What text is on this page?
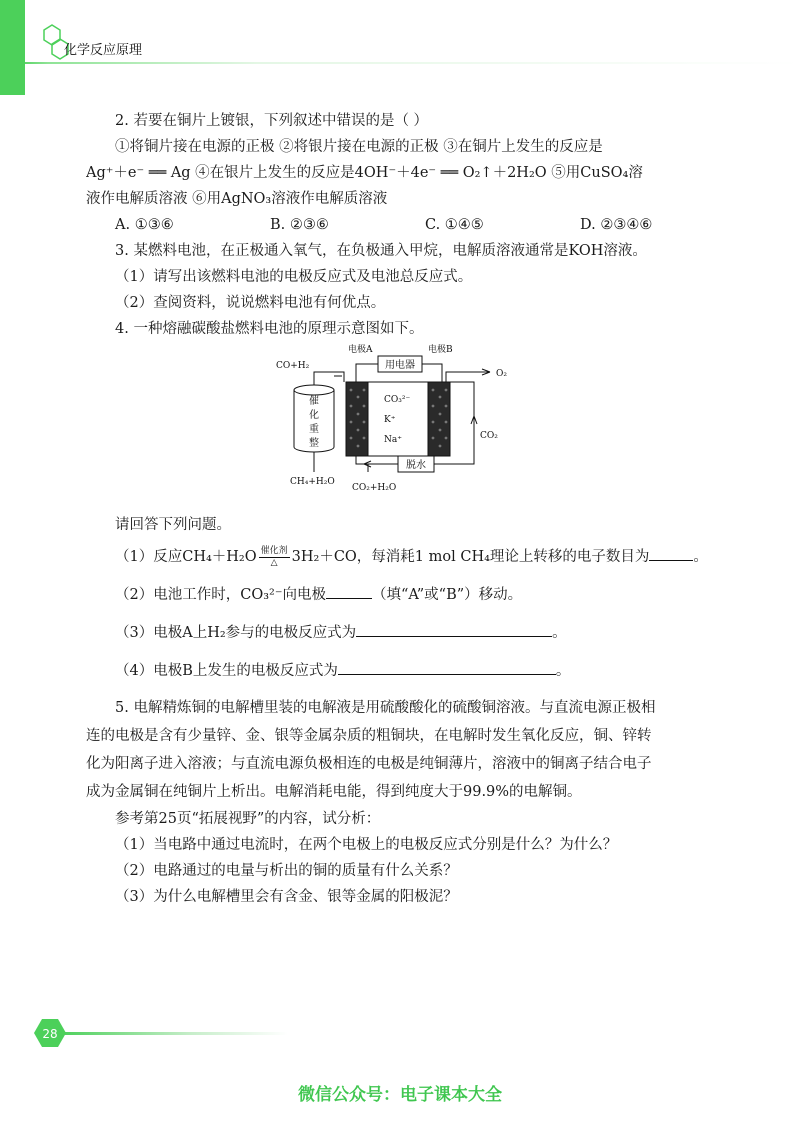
化学反应原理
2. 若要在铜片上镀银，下列叙述中错误的是（ ）
①将铜片接在电源的正极 ②将银片接在电源的正极 ③在铜片上发生的反应是
Ag⁺＋e⁻ ══ Ag ④在银片上发生的反应是4OH⁻＋4e⁻ ══ O₂↑＋2H₂O ⑤用CuSO₄溶
液作电解质溶液 ⑥用AgNO₃溶液作电解质溶液
A. ①③⑥	B. ②③⑥	C. ①④⑤	D. ②③④⑥
3. 某燃料电池，在正极通入氧气，在负极通入甲烷，电解质溶液通常是KOH溶液。
（1）请写出该燃料电池的电极反应式及电池总反应式。
（2）查阅资料，说说燃料电池有何优点。
4. 一种熔融碳酸盐燃料电池的原理示意图如下。
催
化
重
整
CO+H₂
CH₄+H₂O
CO₃²⁻
K⁺
Na⁺
用电器
电极A	电极B
O₂
CO₂
脱水
CO₂+H₂O
请回答下列问题。
（1）反应$CH_4+H_2O \frac{\text{催化剂}}{\triangle} 3H_2+CO$，每消耗1 mol CH₄理论上转移的电子数目为	。
（2）电池工作时，CO₃²⁻向电极	（填“A”或“B”）移动。
（3）电极A上H₂参与的电极反应式为	。
（4）电极B上发生的电极反应式为	。
5. 电解精炼铜的电解槽里装的电解液是用硫酸酸化的硫酸铜溶液。与直流电源正极相
连的电极是含有少量锌、金、银等金属杂质的粗铜块，在电解时发生氧化反应，铜、锌转
化为阳离子进入溶液；与直流电源负极相连的电极是纯铜薄片，溶液中的铜离子结合电子
成为金属铜在纯铜片上析出。电解消耗电能，得到纯度大于99.9%的电解铜。
参考第25页“拓展视野”的内容，试分析：
（1）当电路中通过电流时，在两个电极上的电极反应式分别是什么？为什么？
（2）电路通过的电量与析出的铜的质量有什么关系？
（3）为什么电解槽里会有含金、银等金属的阳极泥？
28
微信公众号：电子课本大全
